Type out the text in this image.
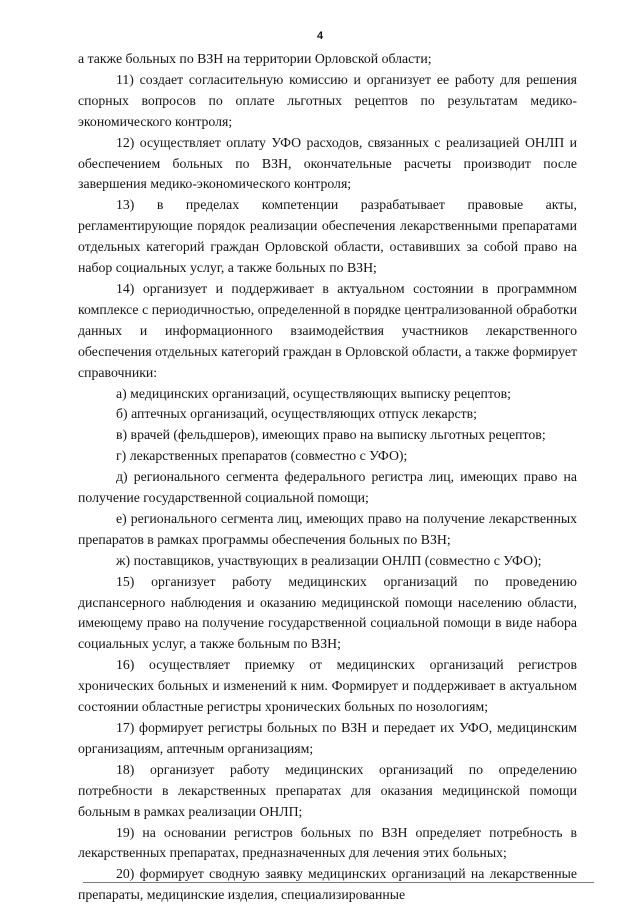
4

а также больных по ВЗН на территории Орловской области;

11) создает согласительную комиссию и организует ее работу для решения спорных вопросов по оплате льготных рецептов по результатам медико-экономического контроля;

12) осуществляет оплату УФО расходов, связанных с реализацией ОНЛП и обеспечением больных по ВЗН, окончательные расчеты производит после завершения медико-экономического контроля;

13) в пределах компетенции разрабатывает правовые акты, регламентирующие порядок реализации обеспечения лекарственными препаратами отдельных категорий граждан Орловской области, оставивших за собой право на набор социальных услуг, а также больных по ВЗН;

14) организует и поддерживает в актуальном состоянии в программном комплексе с периодичностью, определенной в порядке централизованной обработки данных и информационного взаимодействия участников лекарственного обеспечения отдельных категорий граждан в Орловской области, а также формирует справочники:

а) медицинских организаций, осуществляющих выписку рецептов;

б) аптечных организаций, осуществляющих отпуск лекарств;

в) врачей (фельдшеров), имеющих право на выписку льготных рецептов;

г) лекарственных препаратов (совместно с УФО);

д) регионального сегмента федерального регистра лиц, имеющих право на получение государственной социальной помощи;

е) регионального сегмента лиц, имеющих право на получение лекарственных препаратов в рамках программы обеспечения больных по ВЗН;

ж) поставщиков, участвующих в реализации ОНЛП (совместно с УФО);

15) организует работу медицинских организаций по проведению диспансерного наблюдения и оказанию медицинской помощи населению области, имеющему право на получение государственной социальной помощи в виде набора социальных услуг, а также больным по ВЗН;

16) осуществляет приемку от медицинских организаций регистров хронических больных и изменений к ним. Формирует и поддерживает в актуальном состоянии областные регистры хронических больных по нозологиям;

17) формирует регистры больных по ВЗН и передает их УФО, медицинским организациям, аптечным организациям;

18) организует работу медицинских организаций по определению потребности в лекарственных препаратах для оказания медицинской помощи больным в рамках реализации ОНЛП;

19) на основании регистров больных по ВЗН определяет потребность в лекарственных препаратах, предназначенных для лечения этих больных;

20) формирует сводную заявку медицинских организаций на лекарственные препараты, медицинские изделия, специализированные
